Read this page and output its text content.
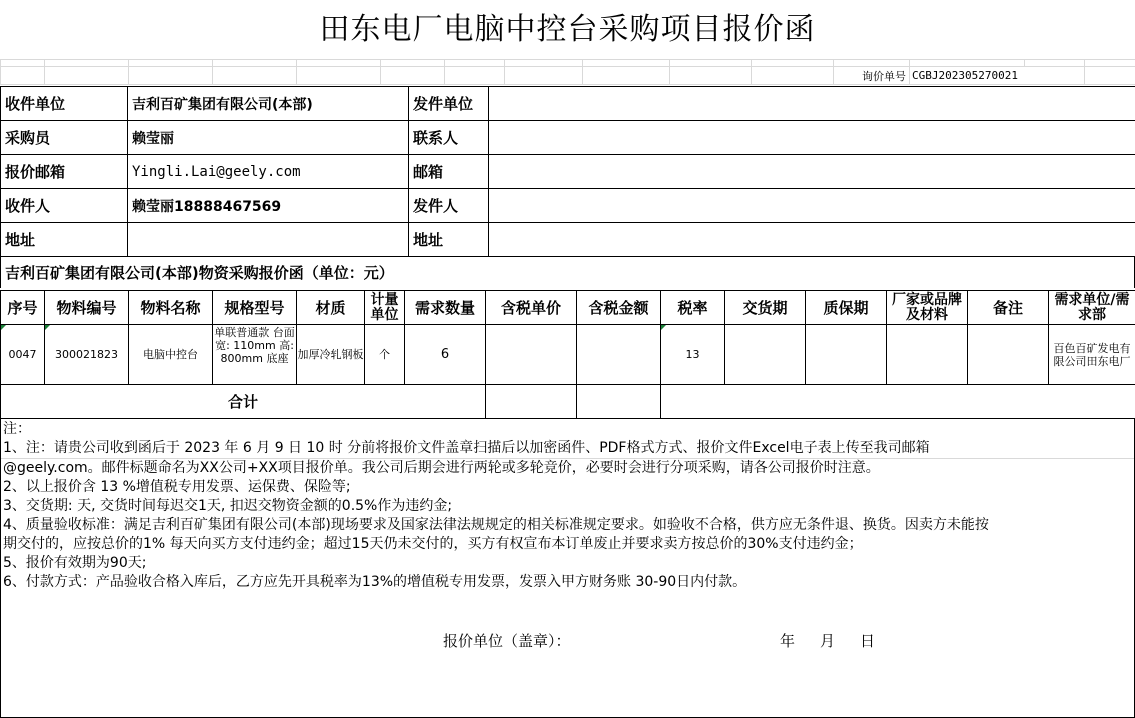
田东电厂电脑中控台采购项目报价函

											询价单号	CGBJ202305270021			
收件单位	吉利百矿集团有限公司(本部)	发件单位	
采购员	赖莹丽	联系人	
报价邮箱	Yingli.Lai@geely.com	邮箱	
收件人	赖莹丽18888467569	发件人	
地址		地址	
吉利百矿集团有限公司(本部)物资采购报价函（单位：元）
序号	物料编号	物料名称	规格型号	材质	计量单位	需求数量	含税单价	含税金额	税率	交货期	质保期	厂家或品牌及材料	备注	需求单位/需求部
0047	300021823	电脑中控台	单联普通款 台面宽: 110mm 高: 800mm 底座	加厚冷轧钢板	个	6			13					百色百矿发电有限公司田东电厂
合计														
注：
1、注：请贵公司收到函后于 2023 年 6 月 9 日 10 时 分前将报价文件盖章扫描后以加密函件、PDF格式方式、报价文件Excel电子表上传至我司邮箱
@geely.com。邮件标题命名为XX公司+XX项目报价单。我公司后期会进行两轮或多轮竞价，必要时会进行分项采购，请各公司报价时注意。
2、以上报价含 13 %增值税专用发票、运保费、保险等;
3、交货期: 天, 交货时间每迟交1天, 扣迟交物资金额的0.5%作为违约金;
4、质量验收标准：满足吉利百矿集团有限公司(本部)现场要求及国家法律法规规定的相关标准规定要求。如验收不合格，供方应无条件退、换货。因卖方未能按
期交付的，应按总价的1% 每天向买方支付违约金；超过15天仍未交付的，买方有权宣布本订单废止并要求卖方按总价的30%支付违约金；
5、报价有效期为90天;
6、付款方式：产品验收合格入库后，乙方应先开具税率为13%的增值税专用发票，发票入甲方财务账 30-90日内付款。
报价单位（盖章）：	年 月 日
